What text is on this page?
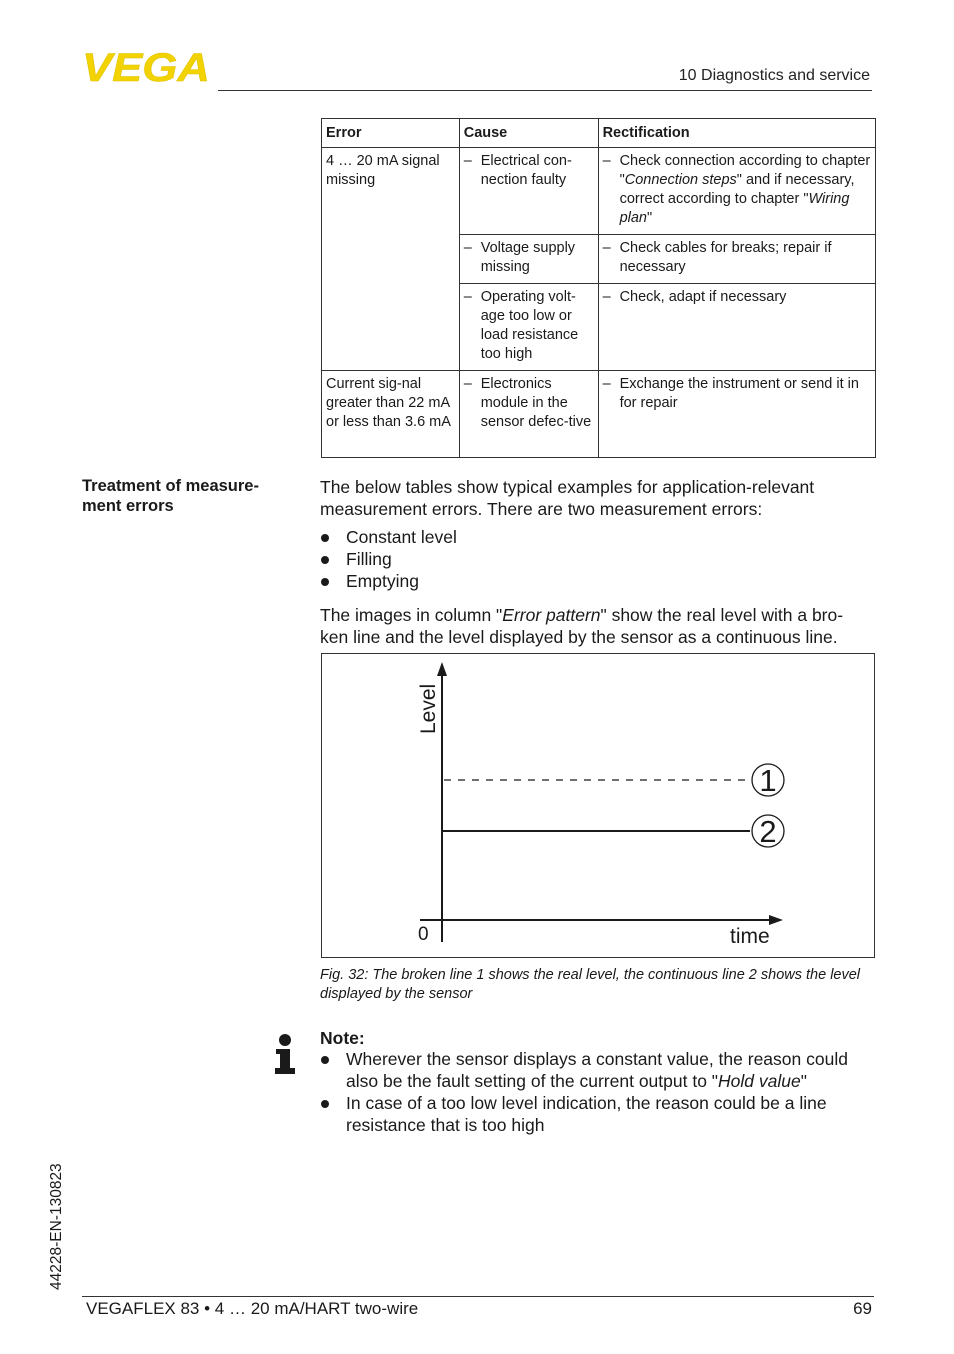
VEGA	10 Diagnostics and service
Error	Cause	Rectification
4 … 20 mA signal missing	– Electrical con-nection faulty	– Check connection according to chapter "Connection steps" and if necessary, correct according to chapter "Wiring plan"

	– Voltage supply missing	– Check cables for breaks; repair if necessary

	– Operating volt-age too low or load resistance too high	– Check, adapt if necessary

Current sig-nal greater than 22 mA or less than 3.6 mA	– Electronics module in the sensor defec-tive	– Exchange the instrument or send it in for repair
Treatment of measure-ment errors
The below tables show typical examples for application-relevant measurement errors. There are two measurement errors:
Constant level
Filling
Emptying
The images in column "Error pattern" show the real level with a bro-ken line and the level displayed by the sensor as a continuous line.
1
2
Level
time
0
Fig. 32: The broken line 1 shows the real level, the continuous line 2 shows the level displayed by the sensor
Note:
Wherever the sensor displays a constant value, the reason could also be the fault setting of the current output to "Hold value"
In case of a too low level indication, the reason could be a line resistance that is too high
44228-EN-130823
VEGAFLEX 83 • 4 … 20 mA/HART two-wire	69
